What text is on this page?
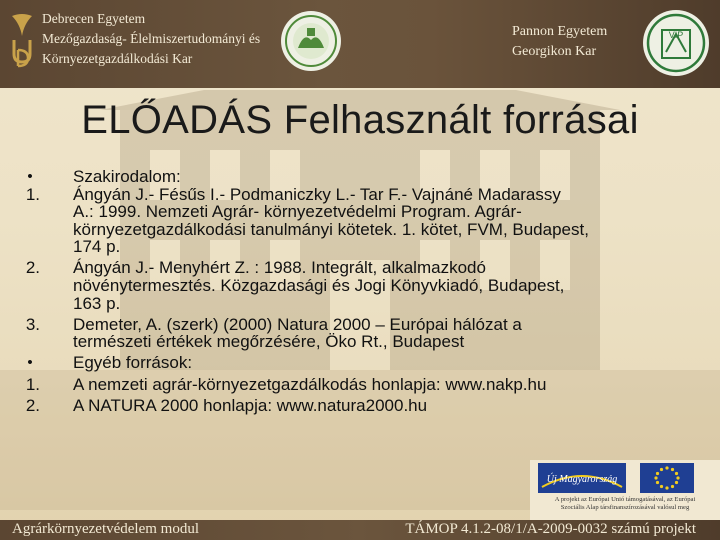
Debrecen Egyetem
Mezőgazdaság- Élelmiszertudományi és
Környezetgazdálkodási Kar
Pannon Egyetem
Georgikon Kar
VIP
ELŐADÁS Felhasznált forrásai
•	Szakirodalom:
1. Ángyán J.- Fésűs I.- Podmaniczky L.- Tar F.- Vajnáné Madarassy
A.: 1999. Nemzeti Agrár- környezetvédelmi Program. Agrár-
környezetgazdálkodási tanulmányi kötetek. 1. kötet, FVM, Budapest,
174 p.
2. Ángyán J.- Menyhért Z. : 1988. Integrált, alkalmazkodó
növénytermesztés. Közgazdasági és Jogi Könyvkiadó, Budapest,
163 p.
3. Demeter, A. (szerk) (2000) Natura 2000 – Európai hálózat a
természeti értékek megőrzésére, Öko Rt., Budapest
•	Egyéb források:
1. A nemzeti agrár-környezetgazdálkodás honlapja: www.nakp.hu
2. A NATURA 2000 honlapja: www.natura2000.hu
Új Magyarország
A projekt az Európai Unió támogatásával, az Európai
Szociális Alap társfinanszírozásával valósul meg
Agrárkörnyezetvédelem modul	TÁMOP 4.1.2-08/1/A-2009-0032 számú projekt
